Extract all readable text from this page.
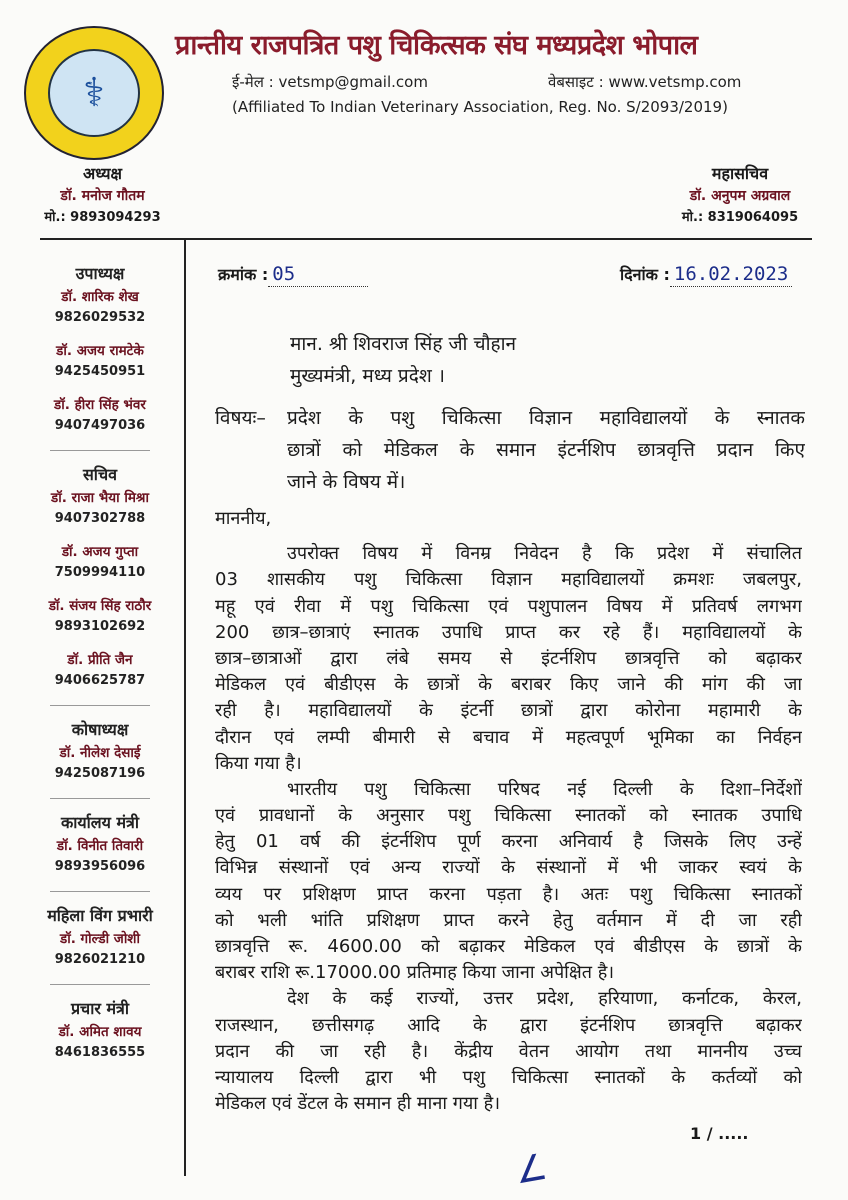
⚕
प्रान्तीय राजपत्रित पशु चिकित्सक संघ मध्यप्रदेश भोपाल
ई-मेल : vetsmp@gmail.com	वेबसाइट : www.vetsmp.com
(Affiliated To Indian Veterinary Association, Reg. No. S/2093/2019)
अध्यक्ष
डॉ. मनोज गौतम
मो.: 9893094293
महासचिव
डॉ. अनुपम अग्रवाल
मो.: 8319064095
उपाध्यक्ष
डॉ. शारिक शेख
9826029532
डॉ. अजय रामटेके
9425450951
डॉ. हीरा सिंह भंवर
9407497036
सचिव
डॉ. राजा भैया मिश्रा
9407302788
डॉ. अजय गुप्ता
7509994110
डॉ. संजय सिंह राठौर
9893102692
डॉ. प्रीति जैन
9406625787
कोषाध्यक्ष
डॉ. नीलेश देसाई
9425087196
कार्यालय मंत्री
डॉ. विनीत तिवारी
9893956096
महिला विंग प्रभारी
डॉ. गोल्डी जोशी
9826021210
प्रचार मंत्री
डॉ. अमित शावय
8461836555
क्रमांक : 05	दिनांक : 16.02.2023
मान. श्री शिवराज सिंह जी चौहान
मुख्यमंत्री, मध्य प्रदेश ।
विषयः–	प्रदेश के पशु चिकित्सा विज्ञान महाविद्यालयों के स्नातक
छात्रों को मेडिकल के समान इंटर्नशिप छात्रवृत्ति प्रदान किए
जाने के विषय में।
माननीय,
उपरोक्त विषय में विनम्र निवेदन है कि प्रदेश में संचालित
03 शासकीय पशु चिकित्सा विज्ञान महाविद्यालयों क्रमशः जबलपुर,
महू एवं रीवा में पशु चिकित्सा एवं पशुपालन विषय में प्रतिवर्ष लगभग
200 छात्र–छात्राएं स्नातक उपाधि प्राप्त कर रहे हैं। महाविद्यालयों के
छात्र–छात्राओं द्वारा लंबे समय से इंटर्नशिप छात्रवृत्ति को बढ़ाकर
मेडिकल एवं बीडीएस के छात्रों के बराबर किए जाने की मांग की जा
रही है। महाविद्यालयों के इंटर्नी छात्रों द्वारा कोरोना महामारी के
दौरान एवं लम्पी बीमारी से बचाव में महत्वपूर्ण भूमिका का निर्वहन
किया गया है।
भारतीय पशु चिकित्सा परिषद नई दिल्ली के दिशा–निर्देशों
एवं प्रावधानों के अनुसार पशु चिकित्सा स्नातकों को स्नातक उपाधि
हेतु 01 वर्ष की इंटर्नशिप पूर्ण करना अनिवार्य है जिसके लिए उन्हें
विभिन्न संस्थानों एवं अन्य राज्यों के संस्थानों में भी जाकर स्वयं के
व्यय पर प्रशिक्षण प्राप्त करना पड़ता है। अतः पशु चिकित्सा स्नातकों
को भली भांति प्रशिक्षण प्राप्त करने हेतु वर्तमान में दी जा रही
छात्रवृत्ति रू. 4600.00 को बढ़ाकर मेडिकल एवं बीडीएस के छात्रों के
बराबर राशि रू.17000.00 प्रतिमाह किया जाना अपेक्षित है।
देश के कई राज्यों, उत्तर प्रदेश, हरियाणा, कर्नाटक, केरल,
राजस्थान, छत्तीसगढ़ आदि के द्वारा इंटर्नशिप छात्रवृत्ति बढ़ाकर
प्रदान की जा रही है। केंद्रीय वेतन आयोग तथा माननीय उच्च
न्यायालय दिल्ली द्वारा भी पशु चिकित्सा स्नातकों के कर्तव्यों को
मेडिकल एवं डेंटल के समान ही माना गया है।
1 / .....
∠
